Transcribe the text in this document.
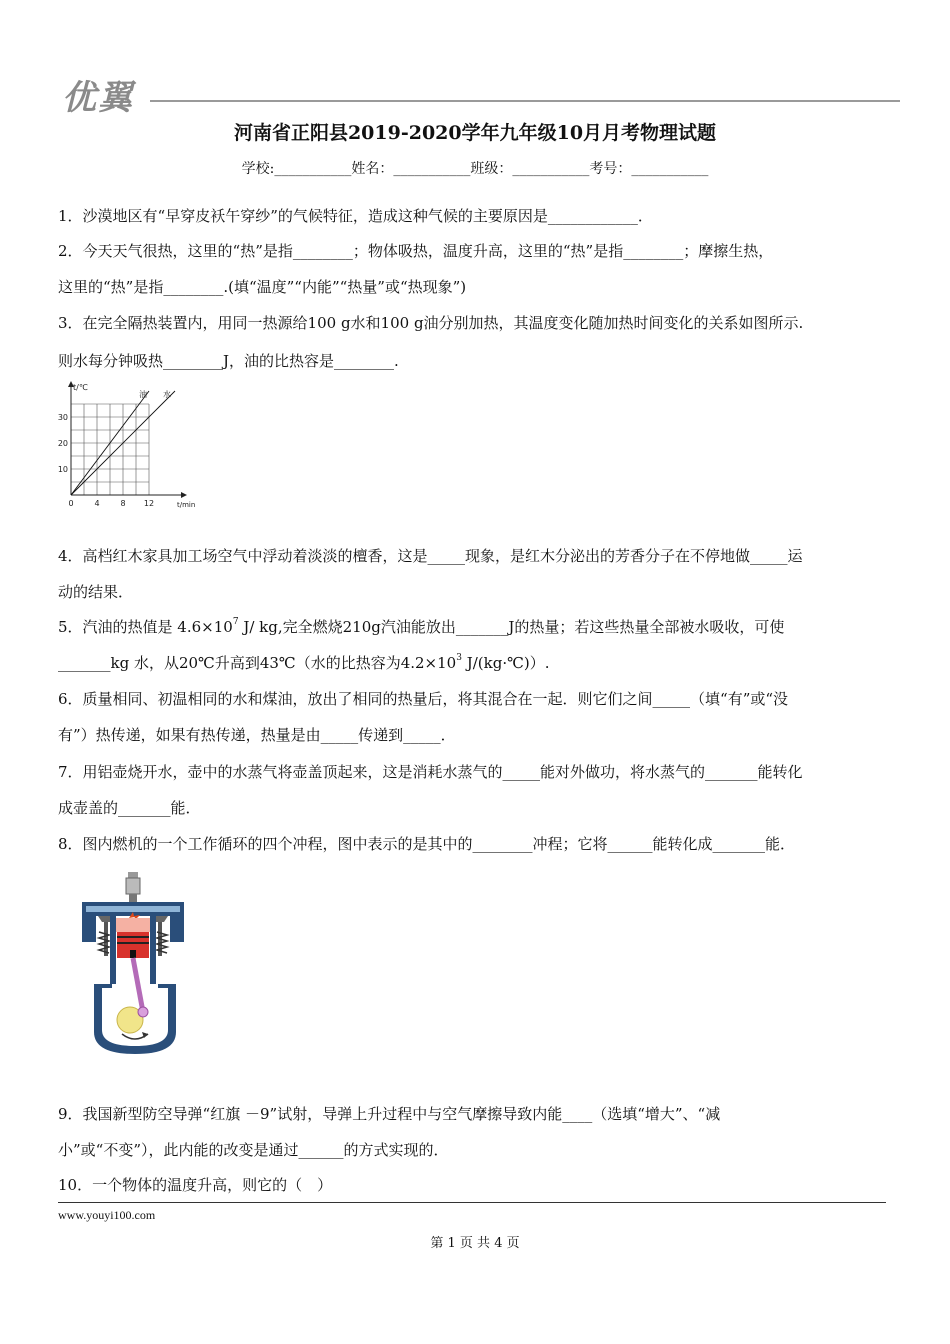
优翼
河南省正阳县2019-2020学年九年级10月月考物理试题
学校:___________姓名：___________班级：___________考号：___________
1．沙漠地区有“早穿皮袄午穿纱”的气候特征，造成这种气候的主要原因是____________．
2．今天天气很热，这里的“热”是指________；物体吸热，温度升高，这里的“热”是指________；摩擦生热，
这里的“热”是指________.(填“温度”“内能”“热量”或“热现象”)
3．在完全隔热装置内，用同一热源给100 g水和100 g油分别加热，其温度变化随加热时间变化的关系如图所示.
则水每分钟吸热________J，油的比热容是________.
0	4	8 12
10
20
30
t/℃
t/min
油 水
4．高档红木家具加工场空气中浮动着淡淡的檀香，这是_____现象，是红木分泌出的芳香分子在不停地做_____运
动的结果．
5．汽油的热值是 $4.6\times 10^7$ J/ kg,完全燃烧210g汽油能放出_______J的热量；若这些热量全部被水吸收，可使
_______kg 水，从20℃升高到43℃（水的比热容为$4.2\times 10^3$ J/(kg·℃)）.
6．质量相同、初温相同的水和煤油，放出了相同的热量后，将其混合在一起．则它们之间_____（填“有”或“没
有”）热传递，如果有热传递，热量是由_____传递到_____．
7．用铝壶烧开水，壶中的水蒸气将壶盖顶起来，这是消耗水蒸气的_____能对外做功，将水蒸气的_______能转化
成壶盖的_______能．
8．图内燃机的一个工作循环的四个冲程，图中表示的是其中的________冲程；它将______能转化成_______能．
9．我国新型防空导弹“红旗 －9”试射，导弹上升过程中与空气摩擦导致内能____（选填“增大”、“减
小”或“不变”），此内能的改变是通过______的方式实现的．
10．一个物体的温度升高，则它的（　）
www.youyi100.com
第 1 页 共 4 页
